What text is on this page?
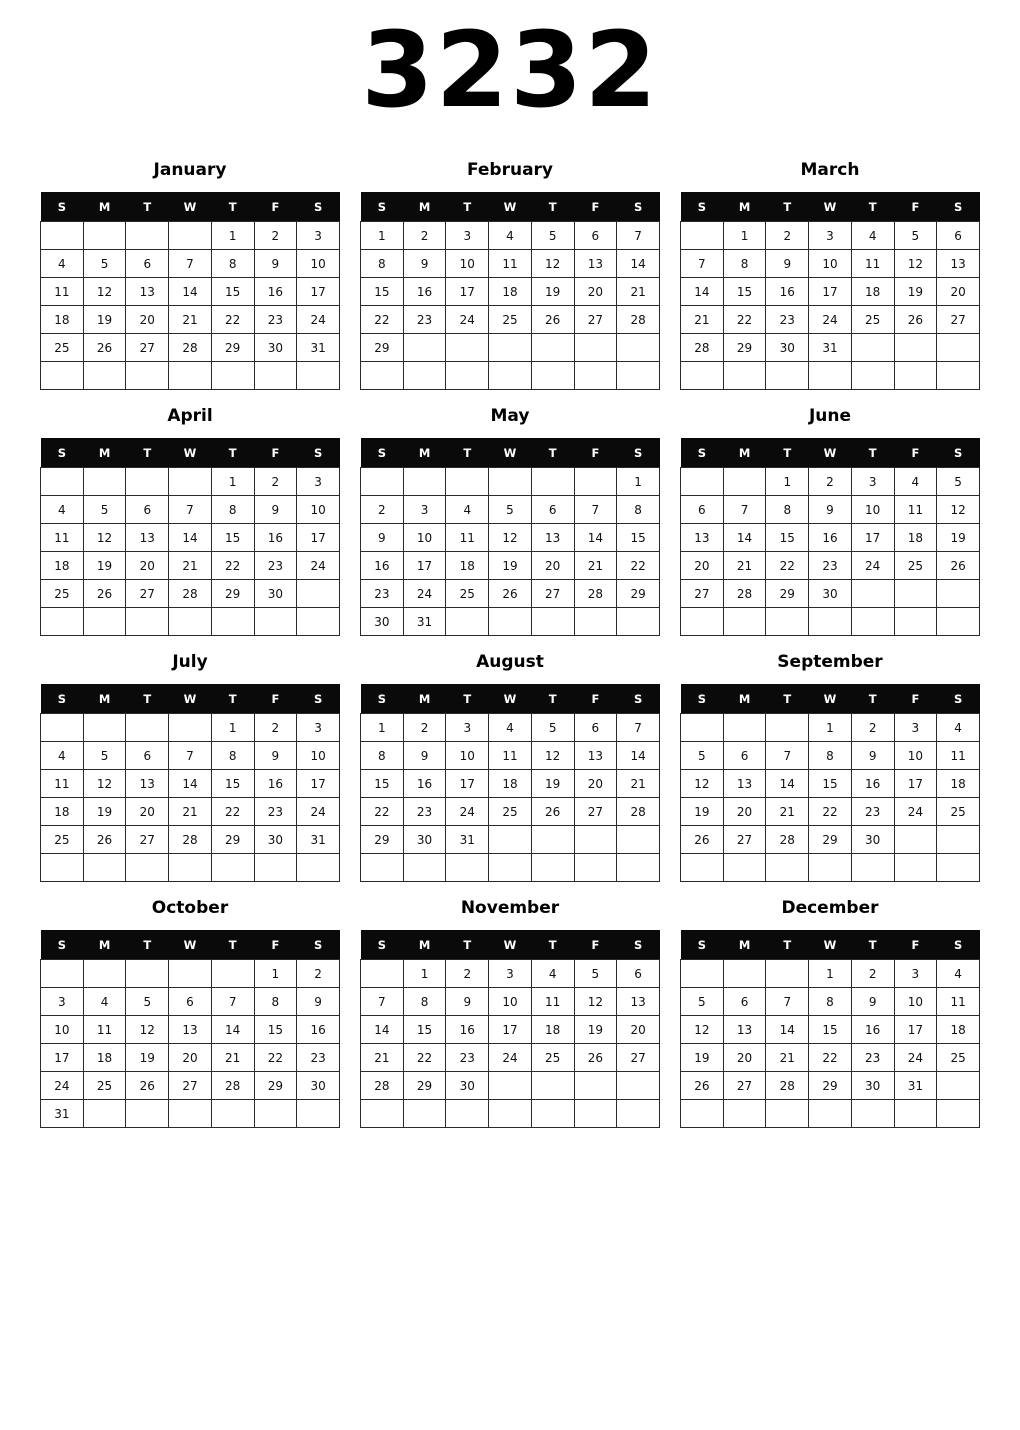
3232
January
S	M	T	W	T	F	S
				1	2	3
4	5	6	7	8	9	10
11	12	13	14	15	16	17
18	19	20	21	22	23	24
25	26	27	28	29	30	31

February
S	M	T	W	T	F	S
1	2	3	4	5	6	7
8	9	10	11	12	13	14
15	16	17	18	19	20	21
22	23	24	25	26	27	28
29						

March
S	M	T	W	T	F	S
	1	2	3	4	5	6
7	8	9	10	11	12	13
14	15	16	17	18	19	20
21	22	23	24	25	26	27
28	29	30	31			

April
S	M	T	W	T	F	S
				1	2	3
4	5	6	7	8	9	10
11	12	13	14	15	16	17
18	19	20	21	22	23	24
25	26	27	28	29	30	

May
S	M	T	W	T	F	S
						1
2	3	4	5	6	7	8
9	10	11	12	13	14	15
16	17	18	19	20	21	22
23	24	25	26	27	28	29
30	31					
June
S	M	T	W	T	F	S
		1	2	3	4	5
6	7	8	9	10	11	12
13	14	15	16	17	18	19
20	21	22	23	24	25	26
27	28	29	30			

July
S	M	T	W	T	F	S
				1	2	3
4	5	6	7	8	9	10
11	12	13	14	15	16	17
18	19	20	21	22	23	24
25	26	27	28	29	30	31

August
S	M	T	W	T	F	S
1	2	3	4	5	6	7
8	9	10	11	12	13	14
15	16	17	18	19	20	21
22	23	24	25	26	27	28
29	30	31				

September
S	M	T	W	T	F	S
			1	2	3	4
5	6	7	8	9	10	11
12	13	14	15	16	17	18
19	20	21	22	23	24	25
26	27	28	29	30		

October
S	M	T	W	T	F	S
					1	2
3	4	5	6	7	8	9
10	11	12	13	14	15	16
17	18	19	20	21	22	23
24	25	26	27	28	29	30
31						
November
S	M	T	W	T	F	S
	1	2	3	4	5	6
7	8	9	10	11	12	13
14	15	16	17	18	19	20
21	22	23	24	25	26	27
28	29	30				

December
S	M	T	W	T	F	S
			1	2	3	4
5	6	7	8	9	10	11
12	13	14	15	16	17	18
19	20	21	22	23	24	25
26	27	28	29	30	31	
